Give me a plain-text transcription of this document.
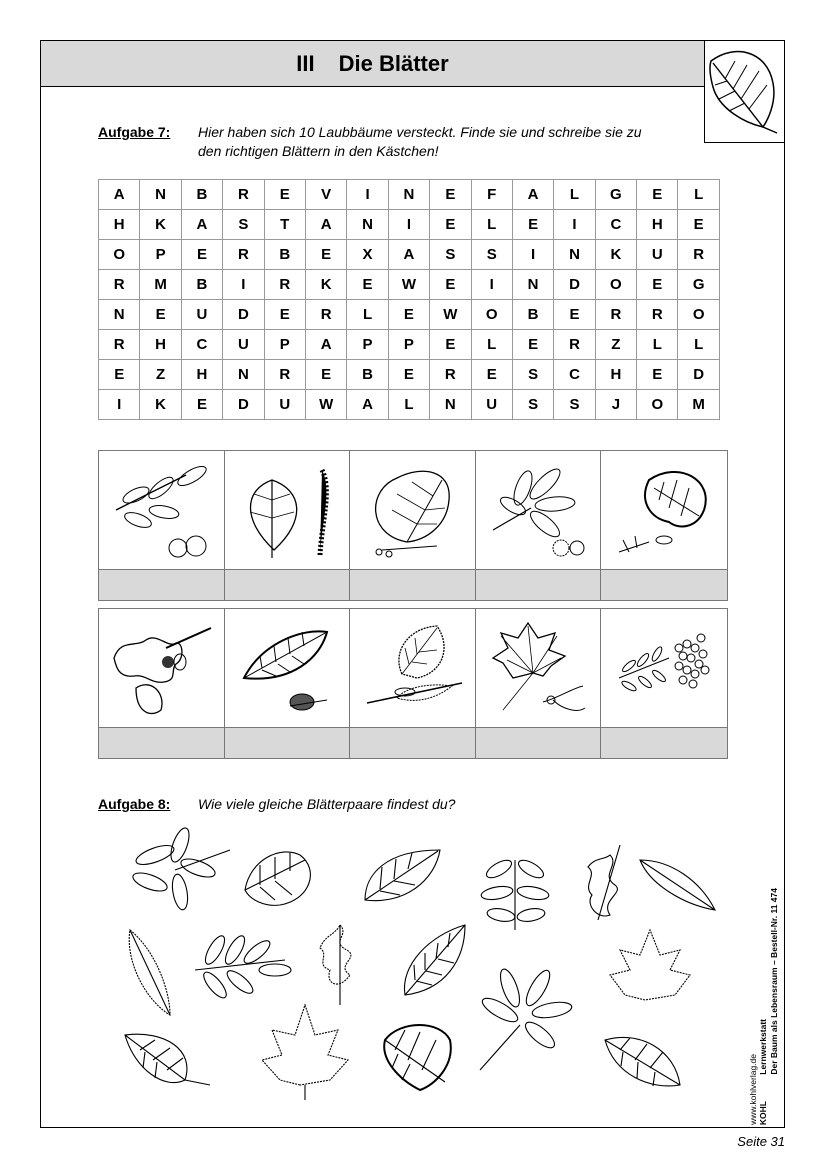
III Die Blätter
Aufgabe 7: Hier haben sich 10 Laubbäume versteckt. Finde sie und schreibe sie zu den richtigen Blättern in den Kästchen!
A	N	B	R	E	V	I	N	E	F	A	L	G	E	L
H	K	A	S	T	A	N	I	E	L	E	I	C	H	E
O	P	E	R	B	E	X	A	S	S	I	N	K	U	R
R	M	B	I	R	K	E	W	E	I	N	D	O	E	G
N	E	U	D	E	R	L	E	W	O	B	E	R	R	O
R	H	C	U	P	A	P	P	E	L	E	R	Z	L	L
E	Z	H	N	R	E	B	E	R	E	S	C	H	E	D
I	K	E	D	U	W	A	L	N	U	S	S	J	O	M
Aufgabe 8: Wie viele gleiche Blätterpaare findest du?
www.kohlverlag.de KOHL
Lernwerkstatt Der Baum als Lebensraum – Bestell-Nr. 11 474
Seite 31
